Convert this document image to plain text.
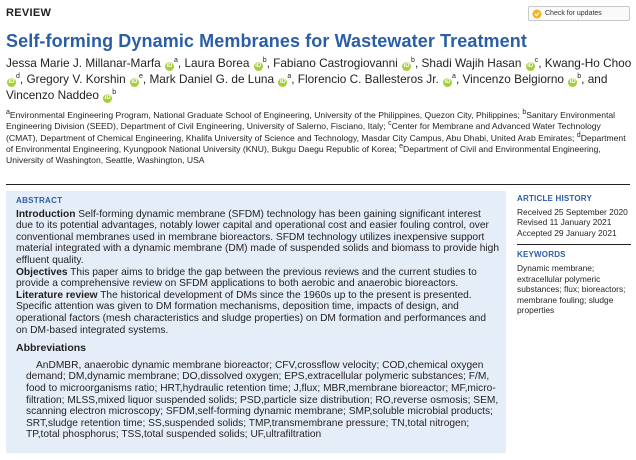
REVIEW	Check for updates
Self-forming Dynamic Membranes for Wastewater Treatment
Jessa Marie J. Millanar-Marfa $iD^a$, Laura Borea $iD^b$, Fabiano Castrogiovanni $iD^b$, Shadi Wajih Hasan $iD^c$, Kwang-Ho Choo $iD^d$, Gregory V. Korshin $iD^e$, Mark Daniel G. de Luna $iD^a$, Florencio C. Ballesteros Jr. $iD^a$, Vincenzo Belgiorno $iD^b$, and Vincenzo Naddeo $iD^b$
$^a$Environmental Engineering Program, National Graduate School of Engineering, University of the Philippines, Quezon City, Philippines; $^b$Sanitary Environmental Engineering Division (SEED), Department of Civil Engineering, University of Salerno, Fisciano, Italy; $^c$Center for Membrane and Advanced Water Technology (CMAT), Department of Chemical Engineering, Khalifa University of Science and Technology, Masdar City Campus, Abu Dhabi, United Arab Emirates; $^d$Department of Environmental Engineering, Kyungpook National University (KNU), Bukgu Daegu Republic of Korea; $^e$Department of Civil and Environmental Engineering, University of Washington, Seattle, Washington, USA
ABSTRACT

Introduction Self-forming dynamic membrane (SFDM) technology has been gaining significant interest due to its potential advantages, notably lower capital and operational cost and easier fouling control, over conventional membranes used in membrane bioreactors. SFDM technology utilizes inexpensive support material integrated with a dynamic membrane (DM) made of suspended solids and biomass to provide high effluent quality.

Objectives This paper aims to bridge the gap between the previous reviews and the current studies to provide a comprehensive review on SFDM applications to both aerobic and anaerobic bioreactors.

Literature review The historical development of DMs since the 1960s up to the present is presented. Specific attention was given to DM formation mechanisms, deposition time, impacts of design, and operational factors (mesh characteristics and sludge properties) on DM formation and performances and on DM-based integrated systems.

Abbreviations

AnDMBR, anaerobic dynamic membrane bioreactor; CFV,crossflow velocity; COD,chemical oxygen demand; DM,dynamic membrane; DO,dissolved oxygen; EPS,extracellular polymeric substances; F/M, food to microorganisms ratio; HRT,hydraulic retention time; J,flux; MBR,membrane bioreactor; MF,micro-filtration; MLSS,mixed liquor suspended solids; PSD,particle size distribution; RO,reverse osmosis; SEM, scanning electron microscopy; SFDM,self-forming dynamic membrane; SMP,soluble microbial products; SRT,sludge retention time; SS,suspended solids; TMP,transmembrane pressure; TN,total nitrogen; TP,total phosphorus; TSS,total suspended solids; UF,ultrafiltration

ARTICLE HISTORY
Received 25 September 2020
Revised 11 January 2021
Accepted 29 January 2021
KEYWORDS
Dynamic membrane; extracellular polymeric substances; flux; bioreactors; membrane fouling; sludge properties
